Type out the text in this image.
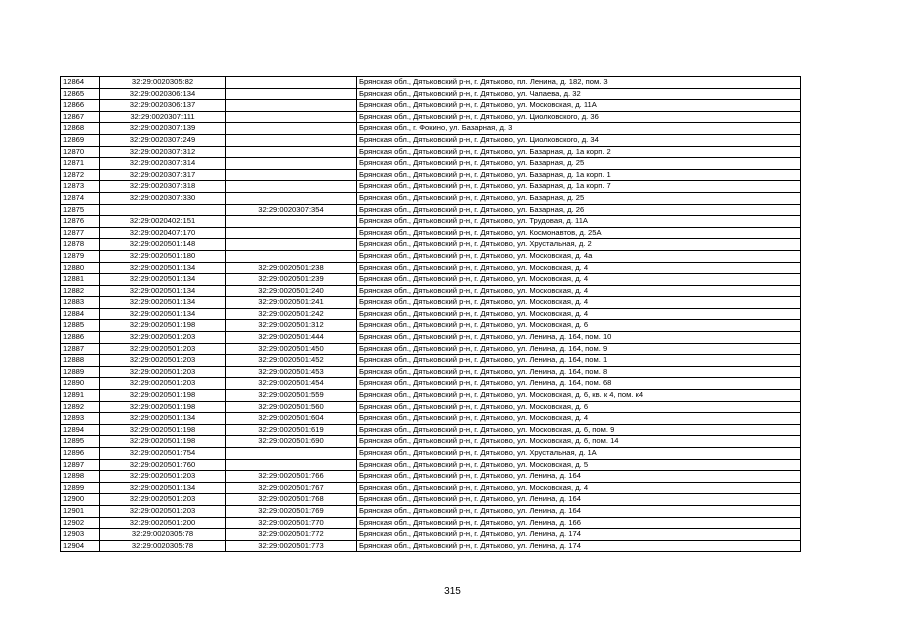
12864	32:29:0020305:82		Брянская обл., Дятьковский р-н, г. Дятьково, пл. Ленина, д. 182, пом. 3
12865	32:29:0020306:134		Брянская обл., Дятьковский р-н, г. Дятьково, ул. Чапаева, д. 32
12866	32:29:0020306:137		Брянская обл., Дятьковский р-н, г. Дятьково, ул. Московская, д. 11А
12867	32:29:0020307:111		Брянская обл., Дятьковский р-н, г. Дятьково, ул. Циолковского, д. 36
12868	32:29:0020307:139		Брянская обл., г. Фокино, ул. Базарная, д. 3
12869	32:29:0020307:249		Брянская обл., Дятьковский р-н, г. Дятьково, ул. Циолковского, д. 34
12870	32:29:0020307:312		Брянская обл., Дятьковский р-н, г. Дятьково, ул. Базарная, д. 1а корп. 2
12871	32:29:0020307:314		Брянская обл., Дятьковский р-н, г. Дятьково, ул. Базарная, д. 25
12872	32:29:0020307:317		Брянская обл., Дятьковский р-н, г. Дятьково, ул. Базарная, д. 1а корп. 1
12873	32:29:0020307:318		Брянская обл., Дятьковский р-н, г. Дятьково, ул. Базарная, д. 1а корп. 7
12874	32:29:0020307:330		Брянская обл., Дятьковский р-н, г. Дятьково, ул. Базарная, д. 25
12875		32:29:0020307:354	Брянская обл., Дятьковский р-н, г. Дятьково, ул. Базарная, д. 26
12876	32:29:0020402:151		Брянская обл., Дятьковский р-н, г. Дятьково, ул. Трудовая, д. 11А
12877	32:29:0020407:170		Брянская обл., Дятьковский р-н, г. Дятьково, ул. Космонавтов, д. 25А
12878	32:29:0020501:148		Брянская обл., Дятьковский р-н, г. Дятьково, ул. Хрустальная, д. 2
12879	32:29:0020501:180		Брянская обл., Дятьковский р-н, г. Дятьково, ул. Московская, д. 4а
12880	32:29:0020501:134	32:29:0020501:238	Брянская обл., Дятьковский р-н, г. Дятьково, ул. Московская, д. 4
12881	32:29:0020501:134	32:29:0020501:239	Брянская обл., Дятьковский р-н, г. Дятьково, ул. Московская, д. 4
12882	32:29:0020501:134	32:29:0020501:240	Брянская обл., Дятьковский р-н, г. Дятьково, ул. Московская, д. 4
12883	32:29:0020501:134	32:29:0020501:241	Брянская обл., Дятьковский р-н, г. Дятьково, ул. Московская, д. 4
12884	32:29:0020501:134	32:29:0020501:242	Брянская обл., Дятьковский р-н, г. Дятьково, ул. Московская, д. 4
12885	32:29:0020501:198	32:29:0020501:312	Брянская обл., Дятьковский р-н, г. Дятьково, ул. Московская, д. 6
12886	32:29:0020501:203	32:29:0020501:444	Брянская обл., Дятьковский р-н, г. Дятьково, ул. Ленина, д. 164, пом. 10
12887	32:29:0020501:203	32:29:0020501:450	Брянская обл., Дятьковский р-н, г. Дятьково, ул. Ленина, д. 164, пом. 9
12888	32:29:0020501:203	32:29:0020501:452	Брянская обл., Дятьковский р-н, г. Дятьково, ул. Ленина, д. 164, пом. 1
12889	32:29:0020501:203	32:29:0020501:453	Брянская обл., Дятьковский р-н, г. Дятьково, ул. Ленина, д. 164, пом. 8
12890	32:29:0020501:203	32:29:0020501:454	Брянская обл., Дятьковский р-н, г. Дятьково, ул. Ленина, д. 164, пом. 68
12891	32:29:0020501:198	32:29:0020501:559	Брянская обл., Дятьковский р-н, г. Дятьково, ул. Московская, д. 6, кв. к 4, пом. к4
12892	32:29:0020501:198	32:29:0020501:560	Брянская обл., Дятьковский р-н, г. Дятьково, ул. Московская, д. 6
12893	32:29:0020501:134	32:29:0020501:604	Брянская обл., Дятьковский р-н, г. Дятьково, ул. Московская, д. 4
12894	32:29:0020501:198	32:29:0020501:619	Брянская обл., Дятьковский р-н, г. Дятьково, ул. Московская, д. 6, пом. 9
12895	32:29:0020501:198	32:29:0020501:690	Брянская обл., Дятьковский р-н, г. Дятьково, ул. Московская, д. 6, пом. 14
12896	32:29:0020501:754		Брянская обл., Дятьковский р-н, г. Дятьково, ул. Хрустальная, д. 1А
12897	32:29:0020501:760		Брянская обл., Дятьковский р-н, г. Дятьково, ул. Московская, д. 5
12898	32:29:0020501:203	32:29:0020501:766	Брянская обл., Дятьковский р-н, г. Дятьково, ул. Ленина, д. 164
12899	32:29:0020501:134	32:29:0020501:767	Брянская обл., Дятьковский р-н, г. Дятьково, ул. Московская, д. 4
12900	32:29:0020501:203	32:29:0020501:768	Брянская обл., Дятьковский р-н, г. Дятьково, ул. Ленина, д. 164
12901	32:29:0020501:203	32:29:0020501:769	Брянская обл., Дятьковский р-н, г. Дятьково, ул. Ленина, д. 164
12902	32:29:0020501:200	32:29:0020501:770	Брянская обл., Дятьковский р-н, г. Дятьково, ул. Ленина, д. 166
12903	32:29:0020305:78	32:29:0020501:772	Брянская обл., Дятьковский р-н, г. Дятьково, ул. Ленина, д. 174
12904	32:29:0020305:78	32:29:0020501:773	Брянская обл., Дятьковский р-н, г. Дятьково, ул. Ленина, д. 174
315
